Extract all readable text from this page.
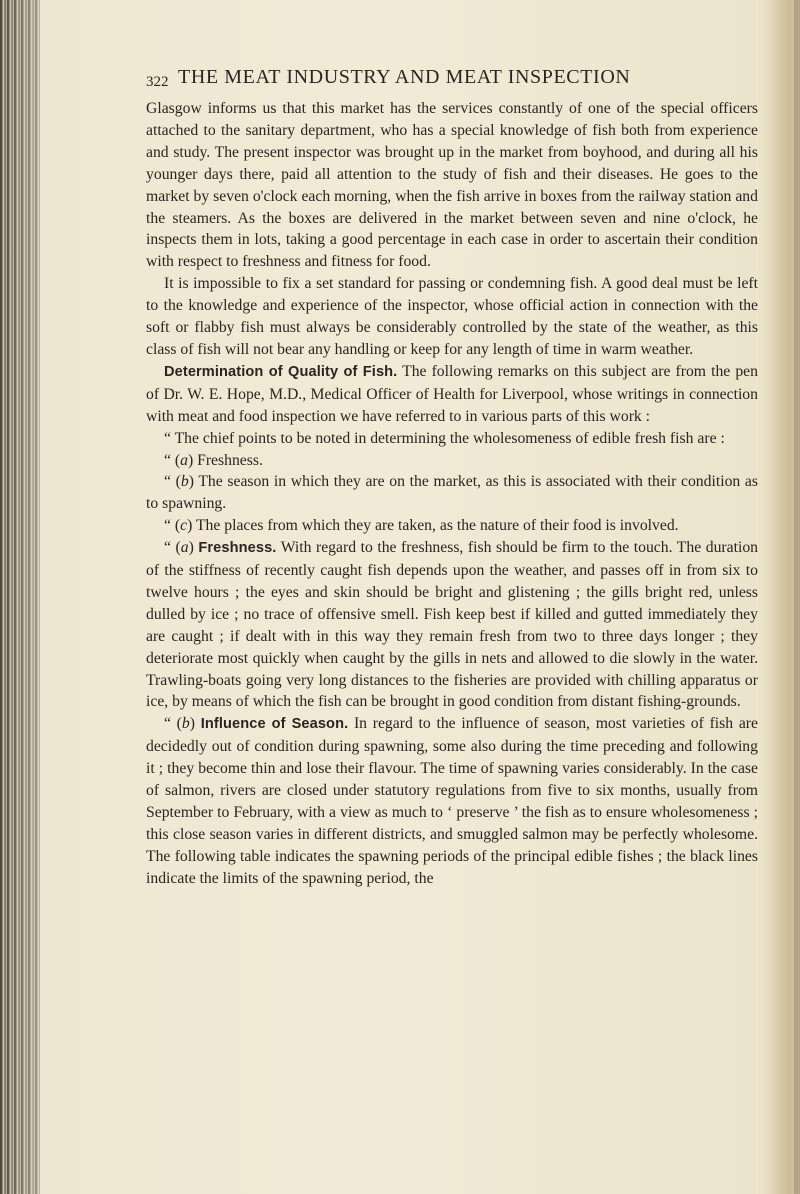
322 THE MEAT INDUSTRY AND MEAT INSPECTION

Glasgow informs us that this market has the services constantly of one of the special officers attached to the sanitary department, who has a special knowledge of fish both from experience and study. The present inspector was brought up in the market from boyhood, and during all his younger days there, paid all attention to the study of fish and their diseases. He goes to the market by seven o'clock each morning, when the fish arrive in boxes from the railway station and the steamers. As the boxes are delivered in the market between seven and nine o'clock, he inspects them in lots, taking a good percentage in each case in order to ascertain their condition with respect to freshness and fitness for food.

It is impossible to fix a set standard for passing or condemning fish. A good deal must be left to the knowledge and experience of the inspector, whose official action in connection with the soft or flabby fish must always be considerably controlled by the state of the weather, as this class of fish will not bear any handling or keep for any length of time in warm weather.

Determination of Quality of Fish. The following remarks on this subject are from the pen of Dr. W. E. Hope, M.D., Medical Officer of Health for Liverpool, whose writings in connection with meat and food inspection we have referred to in various parts of this work :

“ The chief points to be noted in determining the wholesomeness of edible fresh fish are :

“ (a) Freshness.

“ (b) The season in which they are on the market, as this is associated with their condition as to spawning.

“ (c) The places from which they are taken, as the nature of their food is involved.

“ (a) Freshness. With regard to the freshness, fish should be firm to the touch. The duration of the stiffness of recently caught fish depends upon the weather, and passes off in from six to twelve hours ; the eyes and skin should be bright and glistening ; the gills bright red, unless dulled by ice ; no trace of offensive smell. Fish keep best if killed and gutted immediately they are caught ; if dealt with in this way they remain fresh from two to three days longer ; they deteriorate most quickly when caught by the gills in nets and allowed to die slowly in the water. Trawling-boats going very long distances to the fisheries are provided with chilling apparatus or ice, by means of which the fish can be brought in good condition from distant fishing-grounds.

“ (b) Influence of Season. In regard to the influence of season, most varieties of fish are decidedly out of condition during spawning, some also during the time preceding and following it ; they become thin and lose their flavour. The time of spawning varies considerably. In the case of salmon, rivers are closed under statutory regulations from five to six months, usually from September to February, with a view as much to ‘ preserve ’ the fish as to ensure wholesomeness ; this close season varies in different districts, and smuggled salmon may be perfectly wholesome. The following table indicates the spawning periods of the principal edible fishes ; the black lines indicate the limits of the spawning period, the
